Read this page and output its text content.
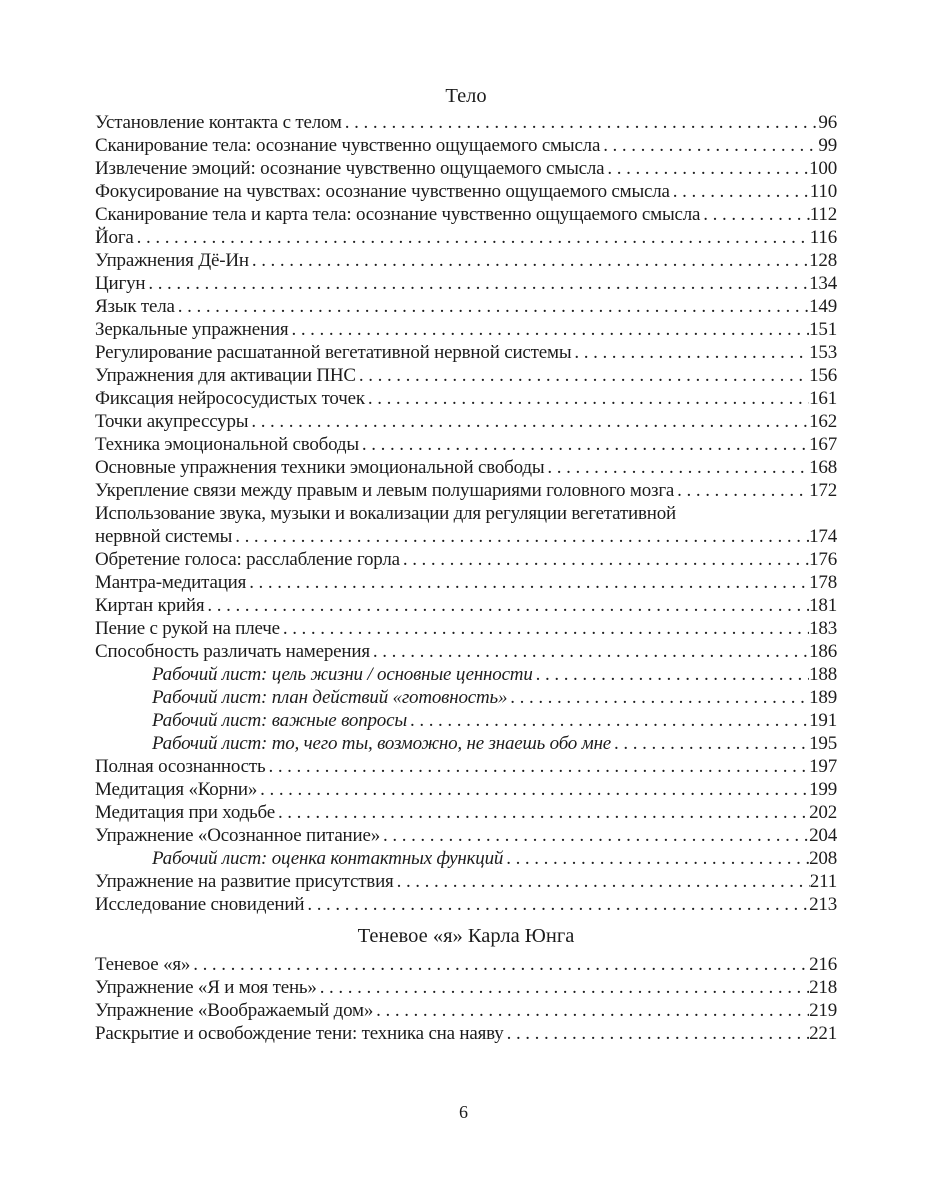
Тело
Установление контакта с телом .....	96
Сканирование тела: осознание чувственно ощущаемого смысла .....	99
Извлечение эмоций: осознание чувственно ощущаемого смысла .....	100
Фокусирование на чувствах: осознание чувственно ощущаемого смысла .....	110
Сканирование тела и карта тела: осознание чувственно ощущаемого смысла .....	112
Йога .....	116
Упражнения Дё-Ин .....	128
Цигун .....	134
Язык тела .....	149
Зеркальные упражнения .....	151
Регулирование расшатанной вегетативной нервной системы .....	153
Упражнения для активации ПНС .....	156
Фиксация нейрососудистых точек .....	161
Точки акупрессуры .....	162
Техника эмоциональной свободы .....	167
Основные упражнения техники эмоциональной свободы .....	168
Укрепление связи между правым и левым полушариями головного мозга .....	172
Использование звука, музыки и вокализации для регуляции вегетативной
нервной системы .....	174
Обретение голоса: расслабление горла .....	176
Мантра-медитация .....	178
Киртан крийя .....	181
Пение с рукой на плече .....	183
Способность различать намерения .....	186
Рабочий лист: цель жизни / основные ценности .....	188
Рабочий лист: план действий «готовность» .....	189
Рабочий лист: важные вопросы .....	191
Рабочий лист: то, чего ты, возможно, не знаешь обо мне .....	195
Полная осознанность .....	197
Медитация «Корни» .....	199
Медитация при ходьбе .....	202
Упражнение «Осознанное питание» .....	204
Рабочий лист: оценка контактных функций .....	208
Упражнение на развитие присутствия .....	211
Исследование сновидений .....	213
Теневое «я» Карла Юнга
Теневое «я» .....	216
Упражнение «Я и моя тень» .....	218
Упражнение «Воображаемый дом» .....	219
Раскрытие и освобождение тени: техника сна наяву .....	221
6
